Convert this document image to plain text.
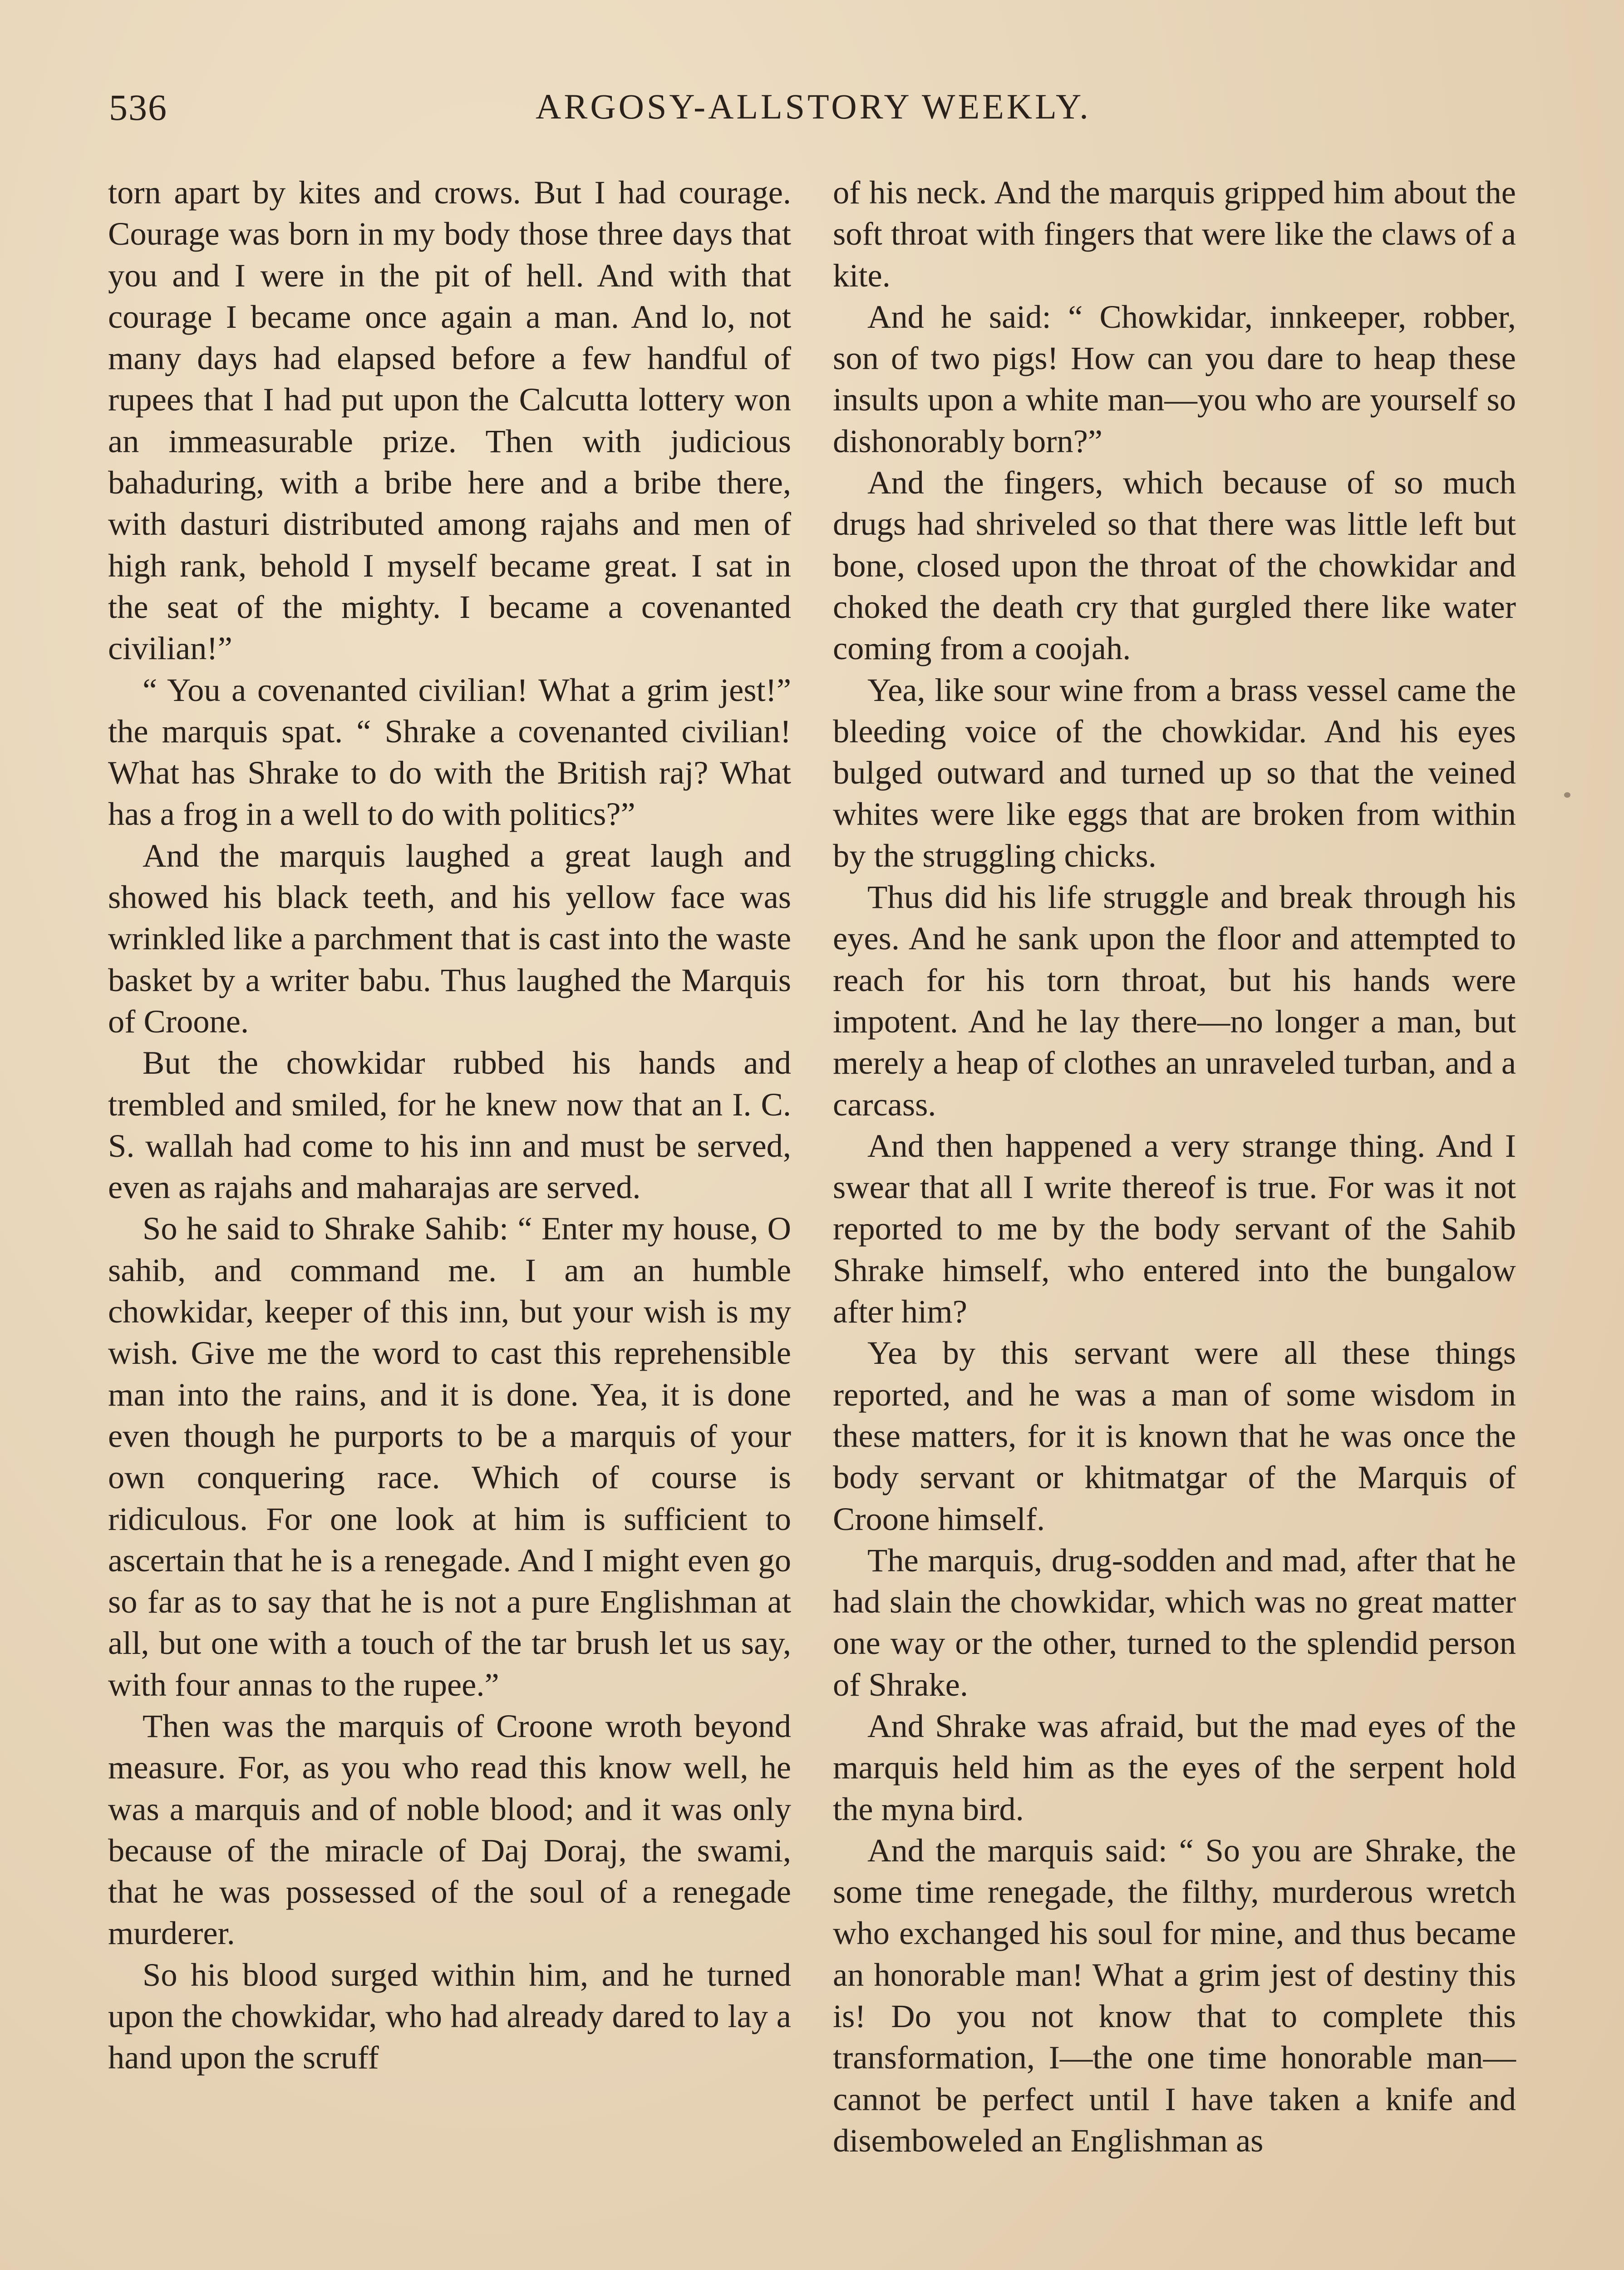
536	ARGOSY-ALLSTORY WEEKLY.

torn apart by kites and crows. But I had courage. Courage was born in my body those three days that you and I were in the pit of hell. And with that courage I became once again a man. And lo, not many days had elapsed before a few handful of rupees that I had put upon the Calcutta lottery won an immeasurable prize. Then with judicious bahaduring, with a bribe here and a bribe there, with dasturi distributed among rajahs and men of high rank, behold I myself became great. I sat in the seat of the mighty. I became a covenanted civilian!”

“ You a covenanted civilian! What a grim jest!” the marquis spat. “ Shrake a covenanted civilian! What has Shrake to do with the British raj? What has a frog in a well to do with politics?”

And the marquis laughed a great laugh and showed his black teeth, and his yellow face was wrinkled like a parchment that is cast into the waste basket by a writer babu. Thus laughed the Marquis of Croone.

But the chowkidar rubbed his hands and trembled and smiled, for he knew now that an I. C. S. wallah had come to his inn and must be served, even as rajahs and maharajas are served.

So he said to Shrake Sahib: “ Enter my house, O sahib, and command me. I am an humble chowkidar, keeper of this inn, but your wish is my wish. Give me the word to cast this reprehensible man into the rains, and it is done. Yea, it is done even though he purports to be a marquis of your own conquering race. Which of course is ridiculous. For one look at him is sufficient to ascertain that he is a renegade. And I might even go so far as to say that he is not a pure Englishman at all, but one with a touch of the tar brush let us say, with four annas to the rupee.”

Then was the marquis of Croone wroth beyond measure. For, as you who read this know well, he was a marquis and of noble blood; and it was only because of the miracle of Daj Doraj, the swami, that he was possessed of the soul of a renegade murderer.

So his blood surged within him, and he turned upon the chowkidar, who had already dared to lay a hand upon the scruff

of his neck. And the marquis gripped him about the soft throat with fingers that were like the claws of a kite.

And he said: “ Chowkidar, innkeeper, robber, son of two pigs! How can you dare to heap these insults upon a white man—you who are yourself so dishonorably born?”

And the fingers, which because of so much drugs had shriveled so that there was little left but bone, closed upon the throat of the chowkidar and choked the death cry that gurgled there like water coming from a coojah.

Yea, like sour wine from a brass vessel came the bleeding voice of the chowkidar. And his eyes bulged outward and turned up so that the veined whites were like eggs that are broken from within by the struggling chicks.

Thus did his life struggle and break through his eyes. And he sank upon the floor and attempted to reach for his torn throat, but his hands were impotent. And he lay there—no longer a man, but merely a heap of clothes an unraveled turban, and a carcass.

And then happened a very strange thing. And I swear that all I write thereof is true. For was it not reported to me by the body servant of the Sahib Shrake himself, who entered into the bungalow after him?

Yea by this servant were all these things reported, and he was a man of some wisdom in these matters, for it is known that he was once the body servant or khitmatgar of the Marquis of Croone himself.

The marquis, drug-sodden and mad, after that he had slain the chowkidar, which was no great matter one way or the other, turned to the splendid person of Shrake.

And Shrake was afraid, but the mad eyes of the marquis held him as the eyes of the serpent hold the myna bird.

And the marquis said: “ So you are Shrake, the some time renegade, the filthy, murderous wretch who exchanged his soul for mine, and thus became an honorable man! What a grim jest of destiny this is! Do you not know that to complete this transformation, I—the one time honorable man—cannot be perfect until I have taken a knife and disemboweled an Englishman as
